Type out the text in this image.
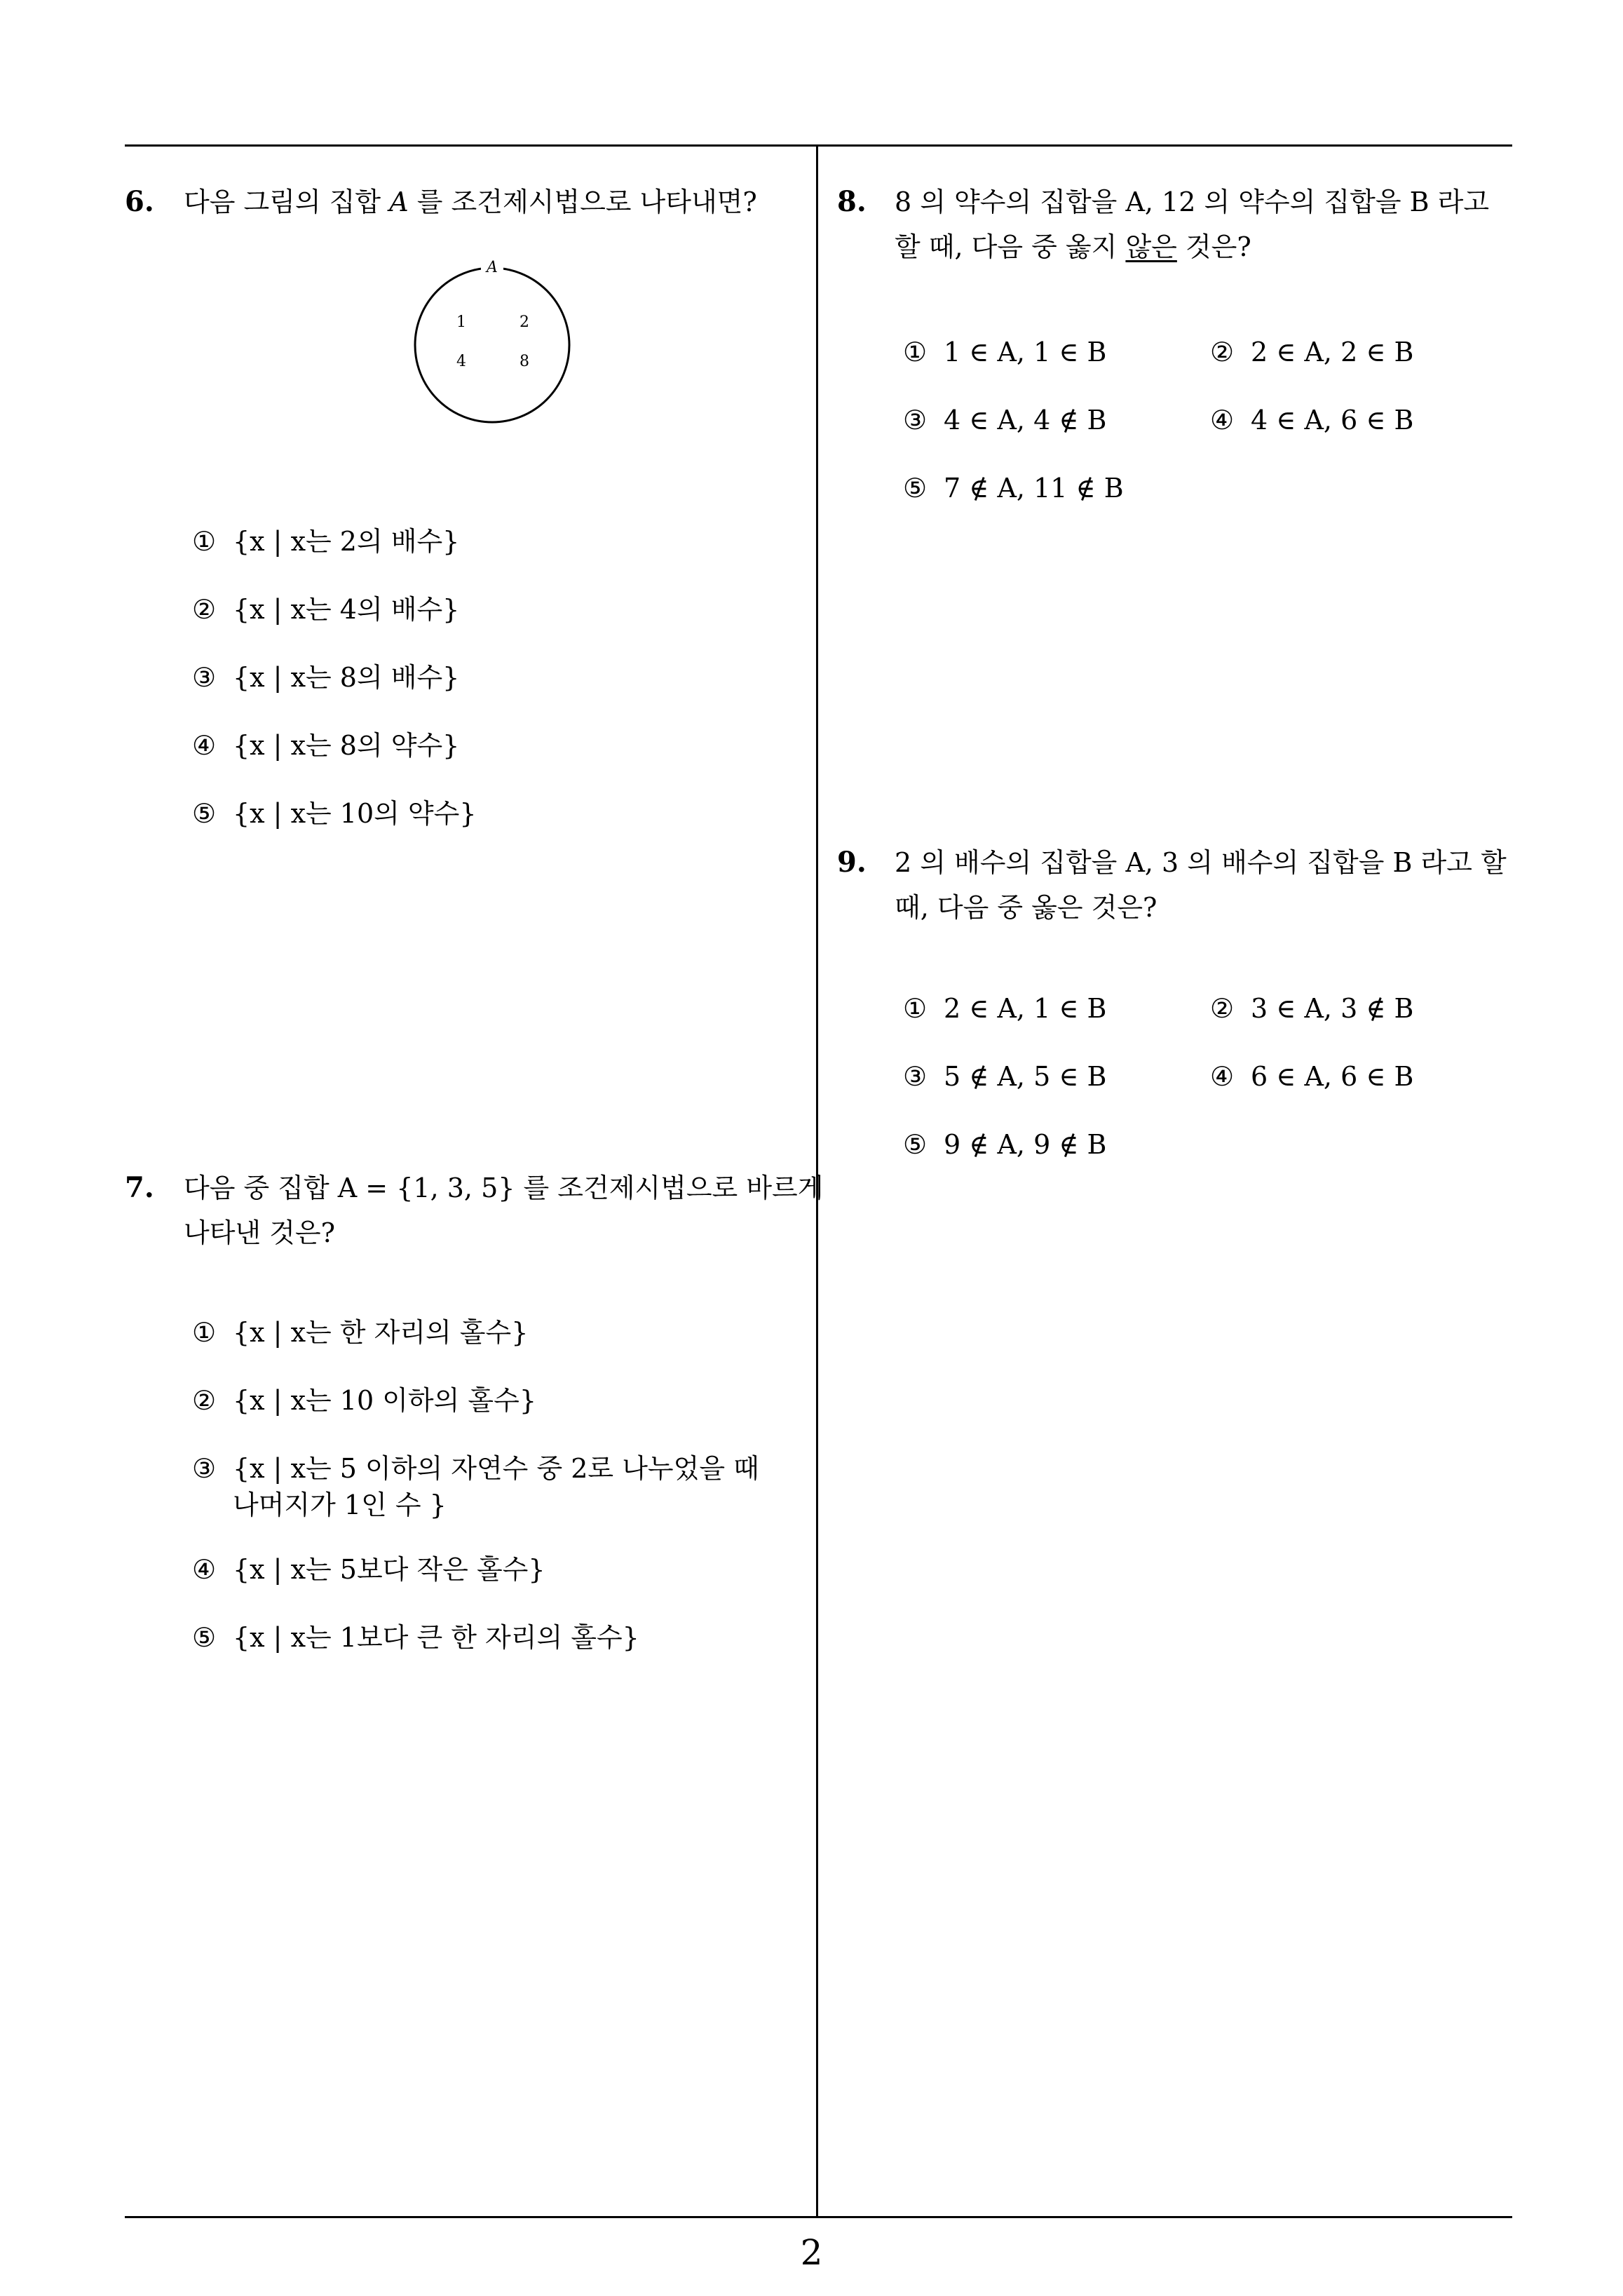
6. 다음 그림의 집합 A 를 조건제시법으로 나타내면?
A
1	2
4	8
① {x | x는 2의 배수}
② {x | x는 4의 배수}
③ {x | x는 8의 배수}
④ {x | x는 8의 약수}
⑤ {x | x는 10의 약수}
7. 다음 중 집합 A = {1, 3, 5} 를 조건제시법으로 바르게
나타낸 것은?
① {x | x는 한 자리의 홀수}
② {x | x는 10 이하의 홀수}
③ {x | x는 5 이하의 자연수 중 2로 나누었을 때
나머지가 1인 수 }
④ {x | x는 5보다 작은 홀수}
⑤ {x | x는 1보다 큰 한 자리의 홀수}
8. 8 의 약수의 집합을 A, 12 의 약수의 집합을 B 라고
할 때, 다음 중 옳지 않은 것은?
① 1 ∈ A, 1 ∈ B	② 2 ∈ A, 2 ∈ B
③ 4 ∈ A, 4 ∉ B	④ 4 ∈ A, 6 ∈ B
⑤ 7 ∉ A, 11 ∉ B
9. 2 의 배수의 집합을 A, 3 의 배수의 집합을 B 라고 할
때, 다음 중 옳은 것은?
① 2 ∈ A, 1 ∈ B	② 3 ∈ A, 3 ∉ B
③ 5 ∉ A, 5 ∈ B	④ 6 ∈ A, 6 ∈ B
⑤ 9 ∉ A, 9 ∉ B
2
